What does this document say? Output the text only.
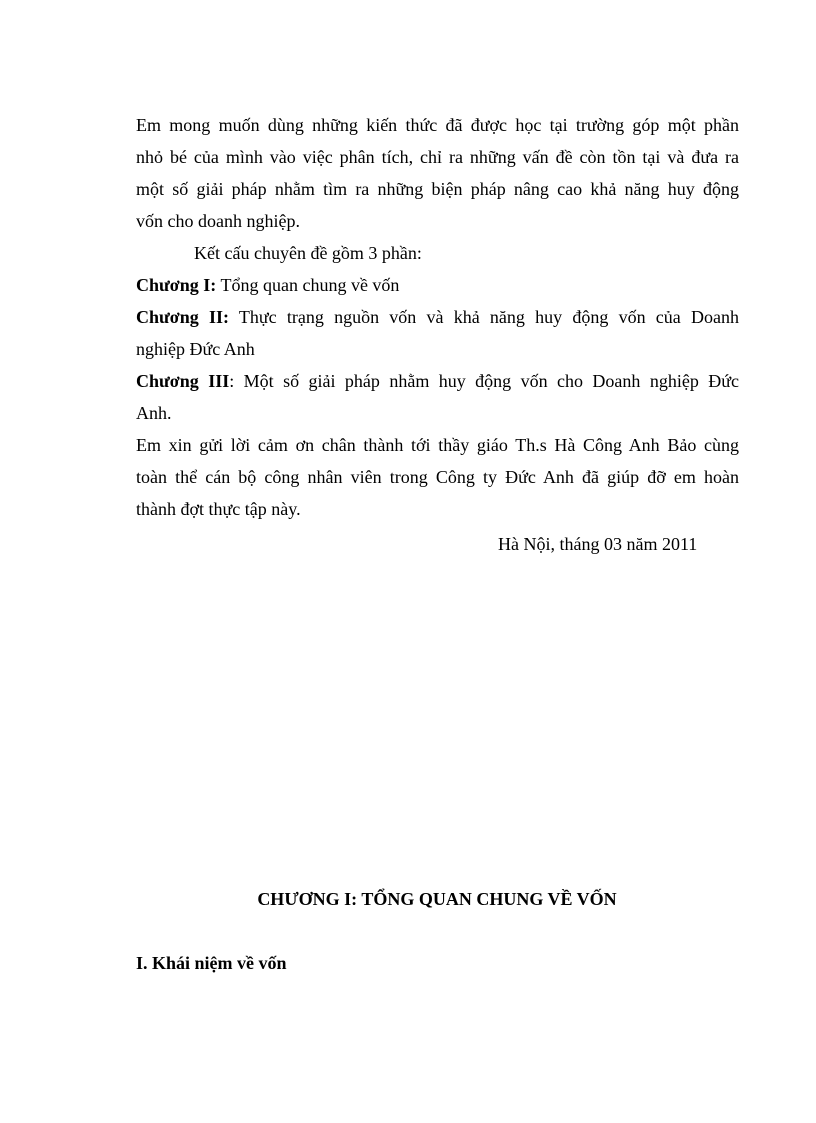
Em mong muốn dùng những kiến thức đã được học tại trường góp một phần
nhỏ bé của mình vào việc phân tích, chỉ ra những vấn đề còn tồn tại và đưa ra
một số giải pháp nhằm tìm ra những biện pháp nâng cao khả năng huy động
vốn cho doanh nghiệp.
Kết cấu chuyên đề gồm 3 phần:
Chương I: Tổng quan chung về vốn
Chương II: Thực trạng nguồn vốn và khả năng huy động vốn của Doanh
nghiệp Đức Anh
Chương III: Một số giải pháp nhằm huy động vốn cho Doanh nghiệp Đức
Anh.
Em xin gửi lời cảm ơn chân thành tới thầy giáo Th.s Hà Công Anh Bảo cùng
toàn thể cán bộ công nhân viên trong Công ty Đức Anh đã giúp đỡ em hoàn
thành đợt thực tập này.
Hà Nội, tháng 03 năm 2011
CHƯƠNG I: TỔNG QUAN CHUNG VỀ VỐN
I. Khái niệm về vốn
